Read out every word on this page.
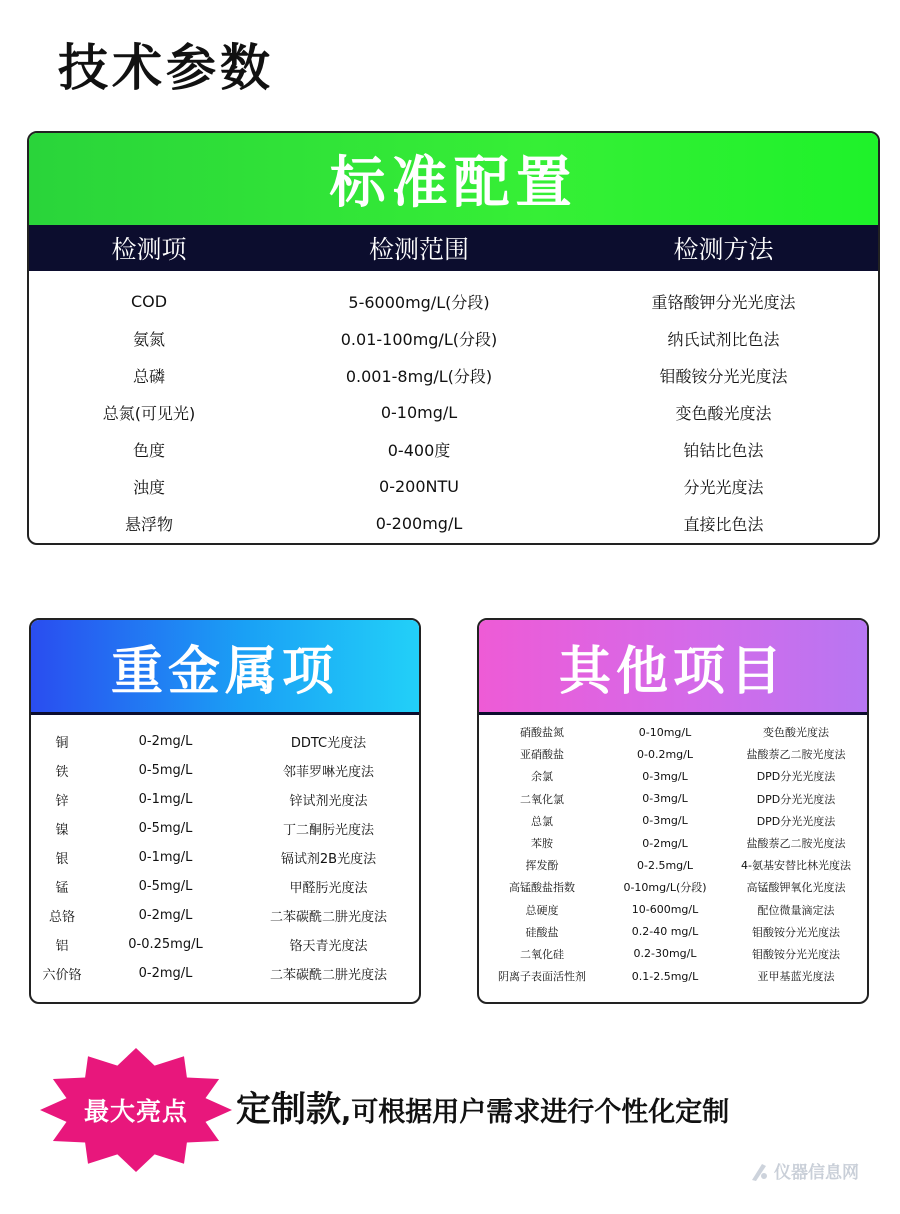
技术参数
标准配置
检测项	检测范围	检测方法
COD	5-6000mg/L(分段)	重铬酸钾分光光度法
氨氮	0.01-100mg/L(分段)	纳氏试剂比色法
总磷	0.001-8mg/L(分段)	钼酸铵分光光度法
总氮(可见光)	0-10mg/L	变色酸光度法
色度	0-400度	铂钴比色法
浊度	0-200NTU	分光光度法
悬浮物	0-200mg/L	直接比色法
重金属项
铜	0-2mg/L	DDTC光度法
铁	0-5mg/L	邻菲罗啉光度法
锌	0-1mg/L	锌试剂光度法
镍	0-5mg/L	丁二酮肟光度法
银	0-1mg/L	镉试剂2B光度法
锰	0-5mg/L	甲醛肟光度法
总铬	0-2mg/L	二苯碳酰二肼光度法
铝	0-0.25mg/L	铬天青光度法
六价铬	0-2mg/L	二苯碳酰二肼光度法
其他项目
硝酸盐氮	0-10mg/L	变色酸光度法
亚硝酸盐	0-0.2mg/L	盐酸萘乙二胺光度法
余氯	0-3mg/L	DPD分光光度法
二氧化氯	0-3mg/L	DPD分光光度法
总氯	0-3mg/L	DPD分光光度法
苯胺	0-2mg/L	盐酸萘乙二胺光度法
挥发酚	0-2.5mg/L	4-氨基安替比林光度法
高锰酸盐指数	0-10mg/L(分段)	高锰酸钾氧化光度法
总硬度	10-600mg/L	配位微量滴定法
硅酸盐	0.2-40 mg/L	钼酸铵分光光度法
二氧化硅	0.2-30mg/L	钼酸铵分光光度法
阴离子表面活性剂	0.1-2.5mg/L	亚甲基蓝光度法
最大亮点	定制款,可根据用户需求进行个性化定制
仪器信息网
